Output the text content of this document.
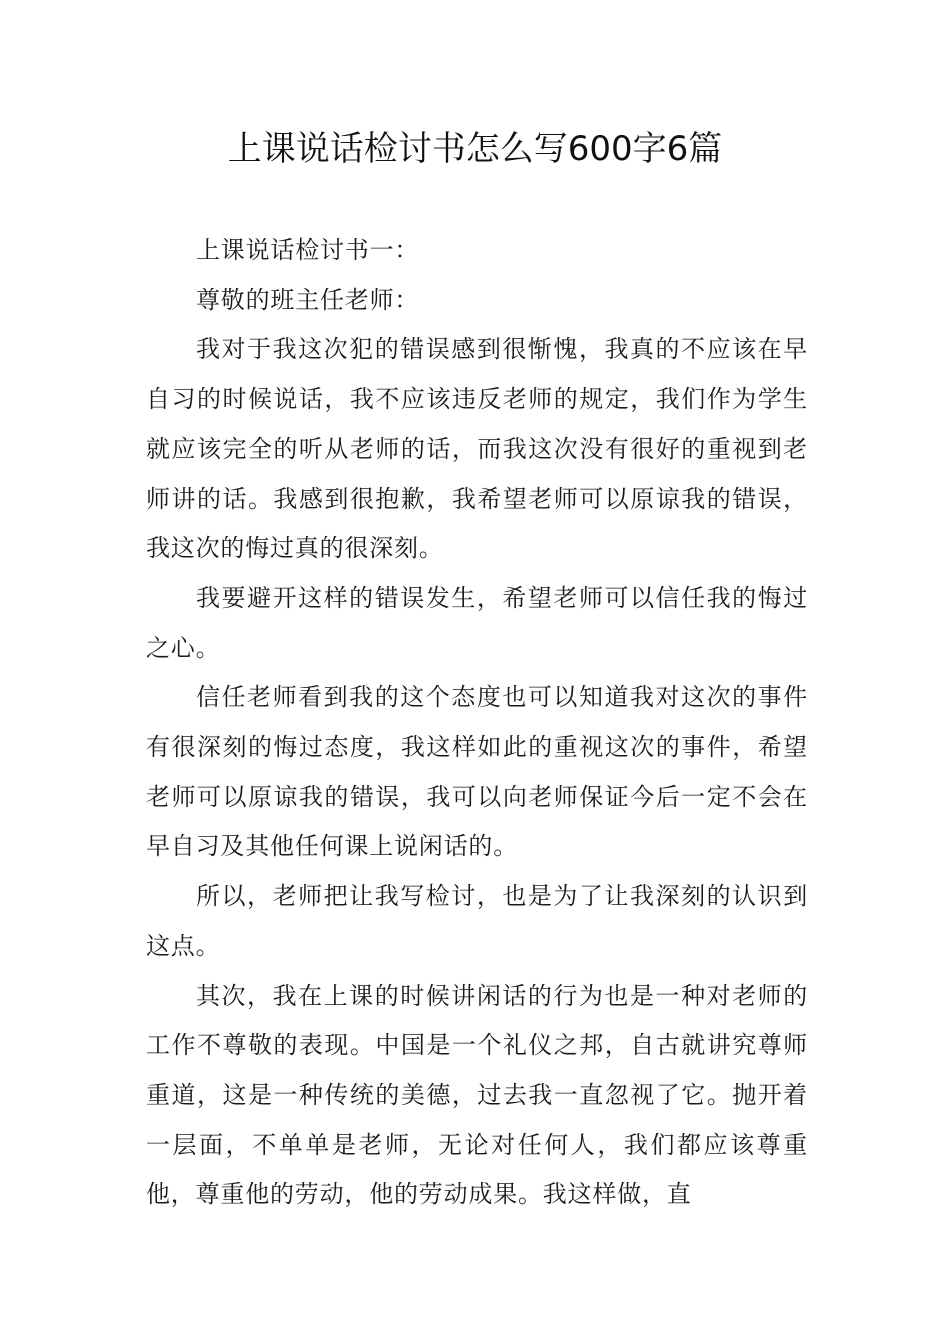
上课说话检讨书怎么写600字6篇

上课说话检讨书一：

尊敬的班主任老师：

我对于我这次犯的错误感到很惭愧，我真的不应该在早自习的时候说话，我不应该违反老师的规定，我们作为学生就应该完全的听从老师的话，而我这次没有很好的重视到老师讲的话。我感到很抱歉，我希望老师可以原谅我的错误，我这次的悔过真的很深刻。

我要避开这样的错误发生，希望老师可以信任我的悔过之心。

信任老师看到我的这个态度也可以知道我对这次的事件有很深刻的悔过态度，我这样如此的重视这次的事件，希望老师可以原谅我的错误，我可以向老师保证今后一定不会在早自习及其他任何课上说闲话的。

所以，老师把让我写检讨，也是为了让我深刻的认识到这点。

其次，我在上课的时候讲闲话的行为也是一种对老师的工作不尊敬的表现。中国是一个礼仪之邦，自古就讲究尊师重道，这是一种传统的美德，过去我一直忽视了它。抛开着一层面，不单单是老师，无论对任何人，我们都应该尊重他，尊重他的劳动，他的劳动成果。我这样做，直
